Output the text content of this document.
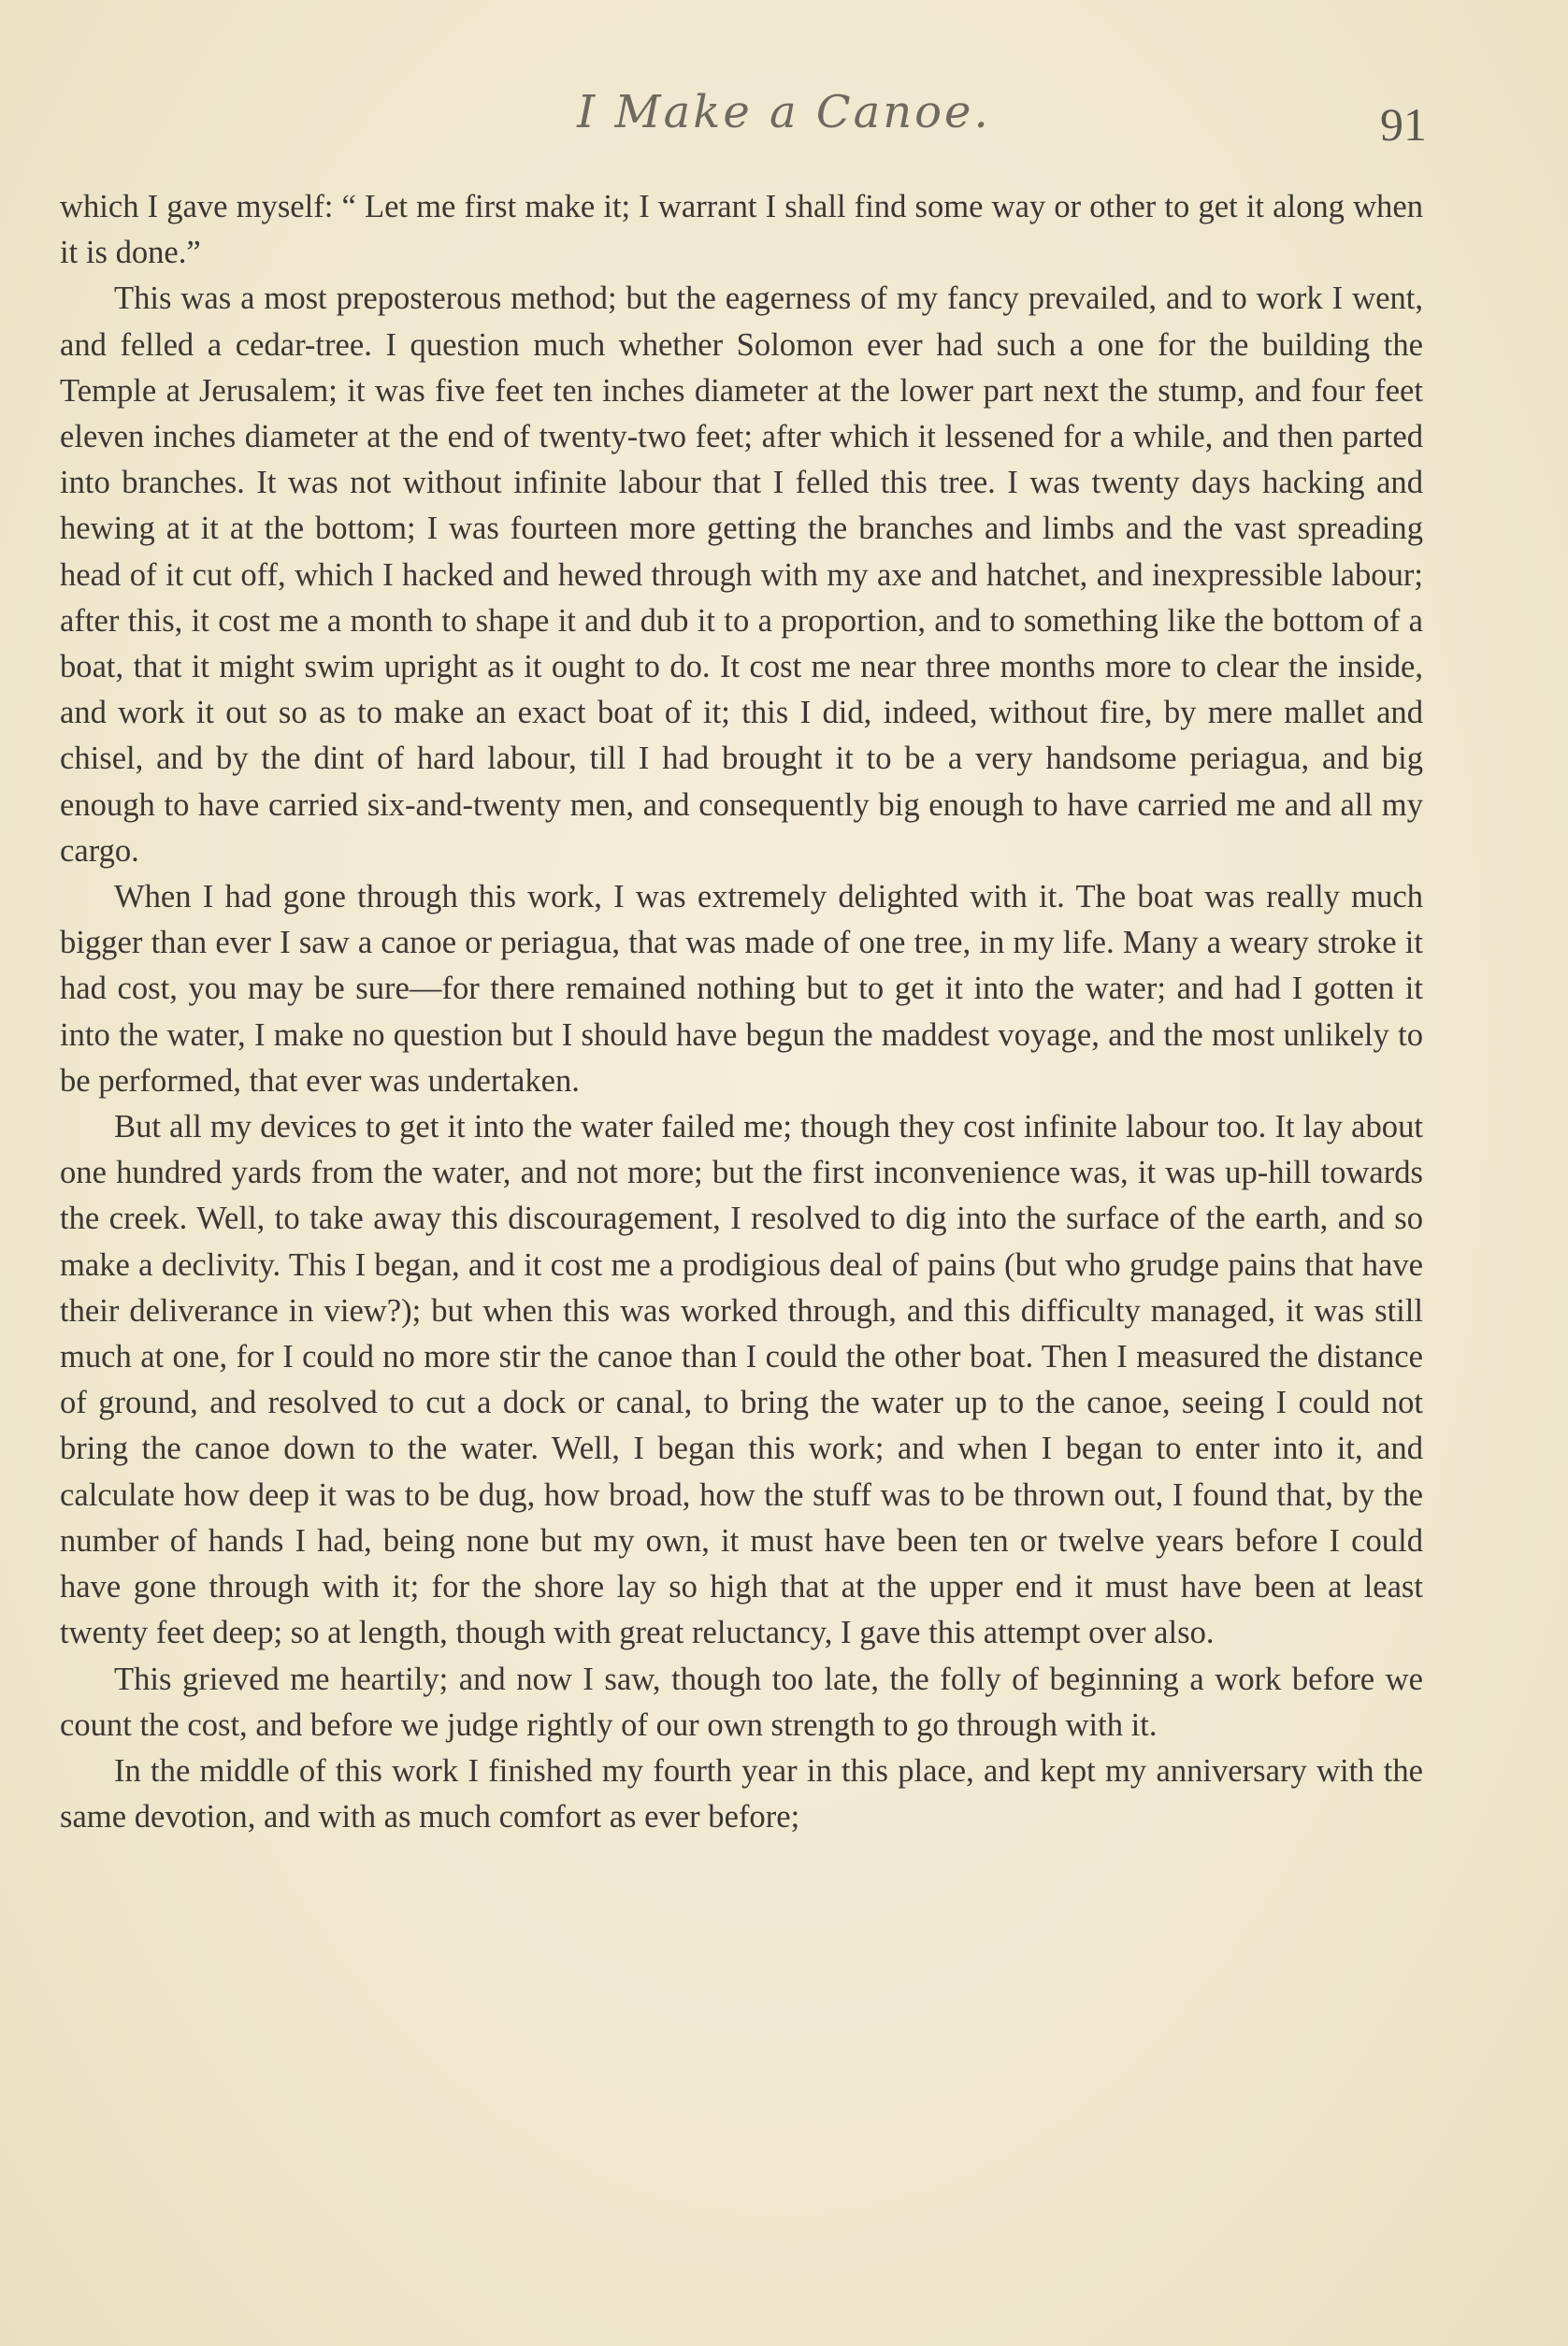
I Make a Canoe.	91

which I gave myself: “ Let me first make it; I warrant I shall find some way or other to get it along when it is done.”

This was a most preposterous method; but the eagerness of my fancy prevailed, and to work I went, and felled a cedar-tree. I question much whether Solomon ever had such a one for the building the Temple at Jerusalem; it was five feet ten inches diameter at the lower part next the stump, and four feet eleven inches diameter at the end of twenty-two feet; after which it lessened for a while, and then parted into branches. It was not without infinite labour that I felled this tree. I was twenty days hacking and hewing at it at the bottom; I was fourteen more getting the branches and limbs and the vast spreading head of it cut off, which I hacked and hewed through with my axe and hatchet, and inexpressible labour; after this, it cost me a month to shape it and dub it to a proportion, and to something like the bottom of a boat, that it might swim upright as it ought to do. It cost me near three months more to clear the inside, and work it out so as to make an exact boat of it; this I did, indeed, without fire, by mere mallet and chisel, and by the dint of hard labour, till I had brought it to be a very handsome periagua, and big enough to have carried six-and-twenty men, and consequently big enough to have carried me and all my cargo.

When I had gone through this work, I was extremely delighted with it. The boat was really much bigger than ever I saw a canoe or periagua, that was made of one tree, in my life. Many a weary stroke it had cost, you may be sure—for there remained nothing but to get it into the water; and had I gotten it into the water, I make no question but I should have begun the maddest voyage, and the most unlikely to be performed, that ever was undertaken.

But all my devices to get it into the water failed me; though they cost infinite labour too. It lay about one hundred yards from the water, and not more; but the first inconvenience was, it was up-hill towards the creek. Well, to take away this discouragement, I resolved to dig into the surface of the earth, and so make a declivity. This I began, and it cost me a prodigious deal of pains (but who grudge pains that have their deliverance in view?); but when this was worked through, and this difficulty managed, it was still much at one, for I could no more stir the canoe than I could the other boat. Then I measured the distance of ground, and resolved to cut a dock or canal, to bring the water up to the canoe, seeing I could not bring the canoe down to the water. Well, I began this work; and when I began to enter into it, and calculate how deep it was to be dug, how broad, how the stuff was to be thrown out, I found that, by the number of hands I had, being none but my own, it must have been ten or twelve years before I could have gone through with it; for the shore lay so high that at the upper end it must have been at least twenty feet deep; so at length, though with great reluctancy, I gave this attempt over also.

This grieved me heartily; and now I saw, though too late, the folly of beginning a work before we count the cost, and before we judge rightly of our own strength to go through with it.

In the middle of this work I finished my fourth year in this place, and kept my anniversary with the same devotion, and with as much comfort as ever before;
